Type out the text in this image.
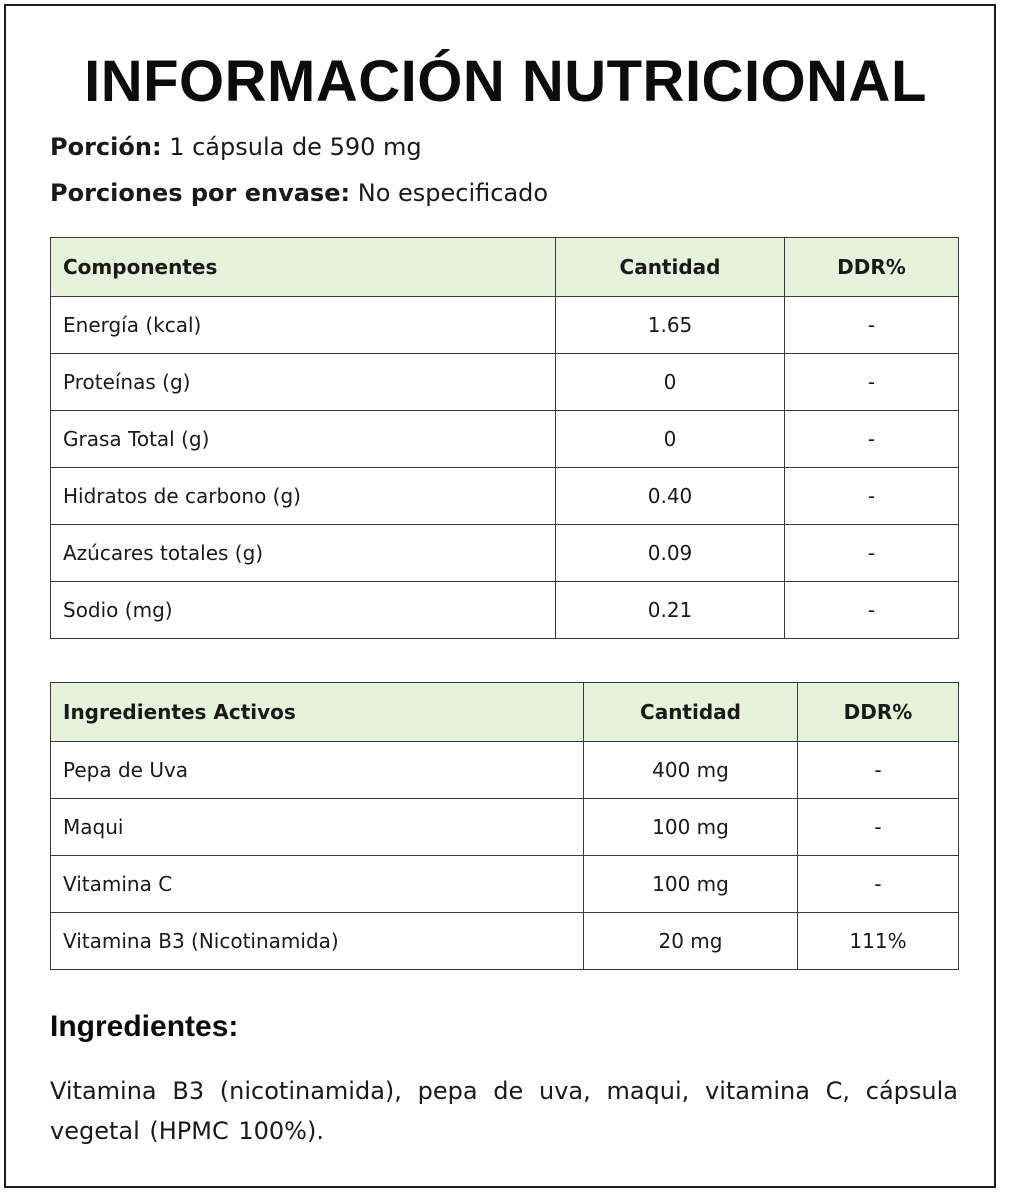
INFORMACIÓN NUTRICIONAL
Porción: 1 cápsula de 590 mg
Porciones por envase: No especificado
Componentes	Cantidad	DDR%
Energía (kcal)	1.65	-
Proteínas (g)	0	-
Grasa Total (g)	0	-
Hidratos de carbono (g)	0.40	-
Azúcares totales (g)	0.09	-
Sodio (mg)	0.21	-
Ingredientes Activos	Cantidad	DDR%
Pepa de Uva	400 mg	-
Maqui	100 mg	-
Vitamina C	100 mg	-
Vitamina B3 (Nicotinamida)	20 mg	111%
Ingredientes:

Vitamina B3 (nicotinamida), pepa de uva, maqui, vitamina C, cápsula vegetal (HPMC 100%).
